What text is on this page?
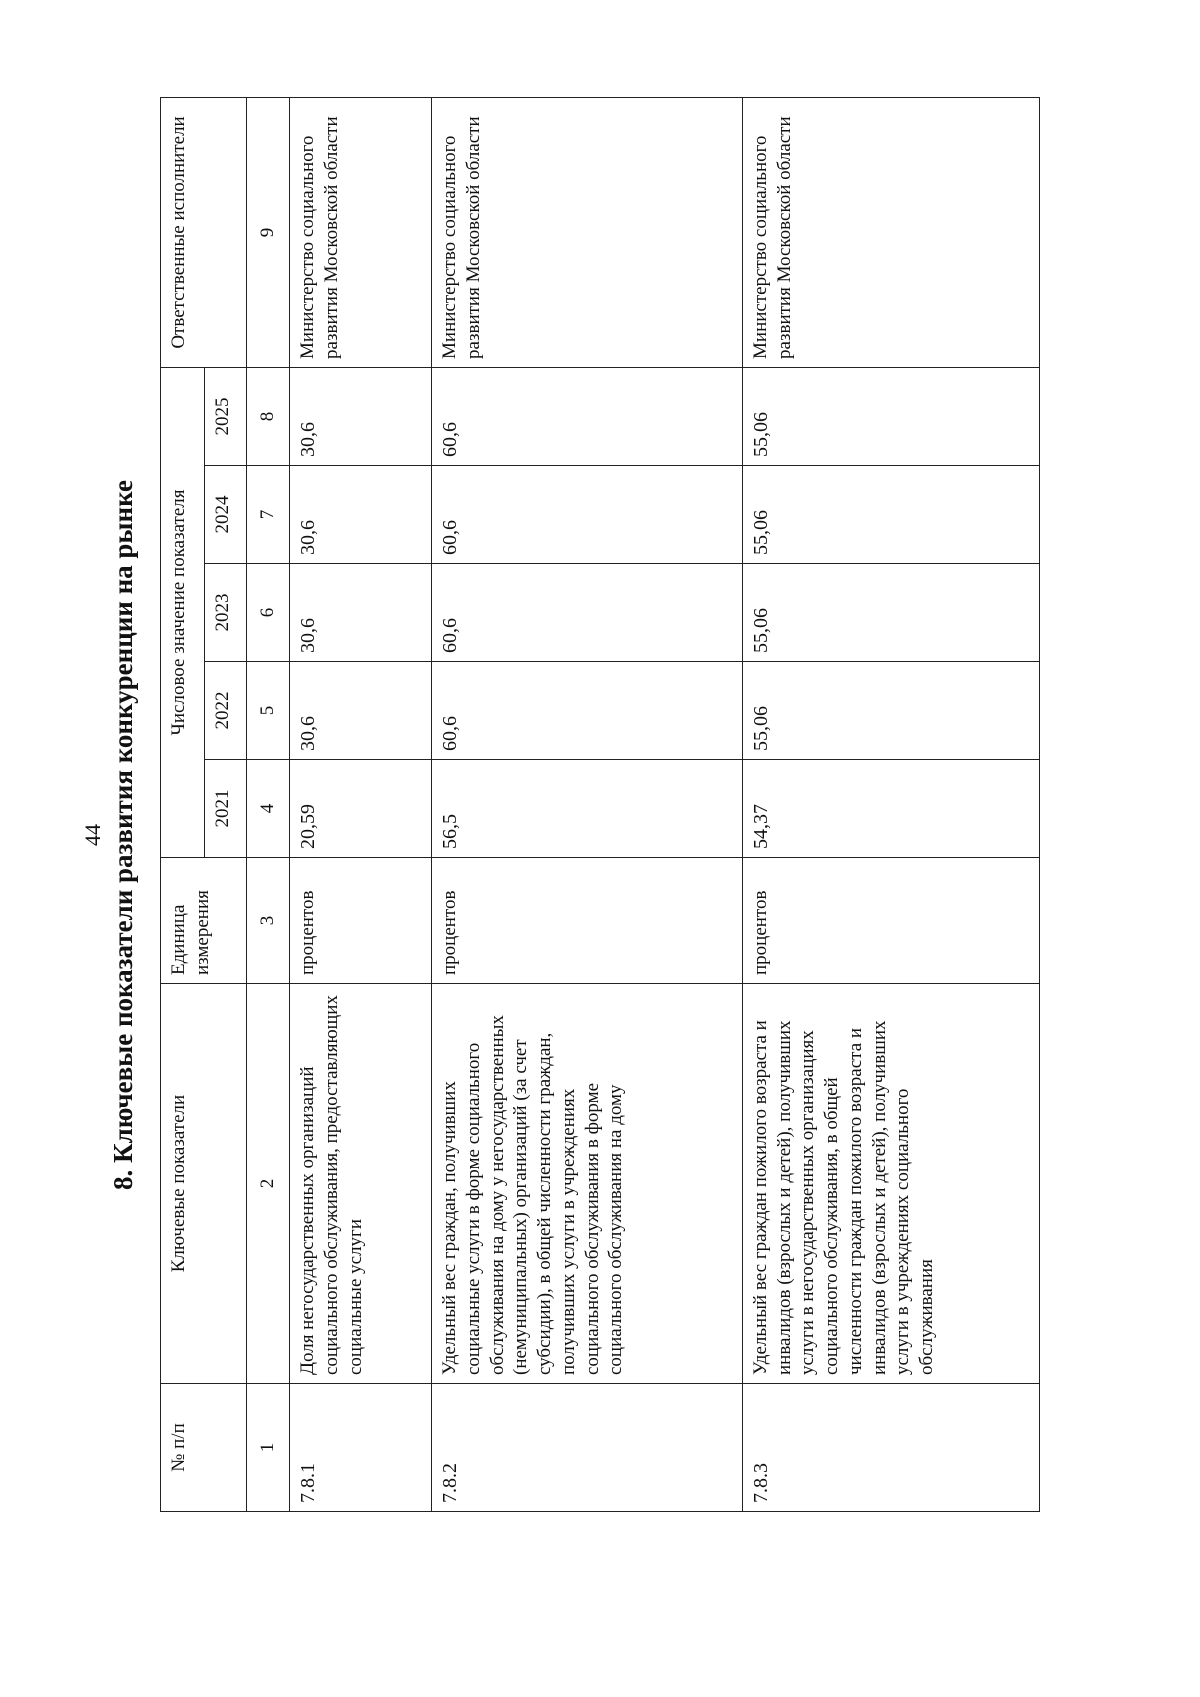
44 8. Ключевые показатели развития конкуренции на рынке
№ п/п	Ключевые показатели	Единица измерения	Числовое значение показателя					Ответственные исполнители
			2021	2022	2023	2024	2025	
1	2	3	4	5	6	7	8	9
7.8.1	Доля негосударственных организаций социального обслуживания, предоставляющих социальные услуги	процентов	20,59	30,6	30,6	30,6	30,6	Министерство социального развития Московской области
7.8.2	Удельный вес граждан, получивших социальные услуги в форме социального обслуживания на дому у негосударственных (немуниципальных) организаций (за счет субсидии), в общей численности граждан, получивших услуги в учреждениях социального обслуживания в форме социального обслуживания на дому	процентов	56,5	60,6	60,6	60,6	60,6	Министерство социального развития Московской области
7.8.3	Удельный вес граждан пожилого возраста и инвалидов (взрослых и детей), получивших услуги в негосударственных организациях социального обслуживания, в общей численности граждан пожилого возраста и инвалидов (взрослых и детей), получивших услуги в учреждениях социального обслуживания	процентов	54,37	55,06	55,06	55,06	55,06	Министерство социального развития Московской области
